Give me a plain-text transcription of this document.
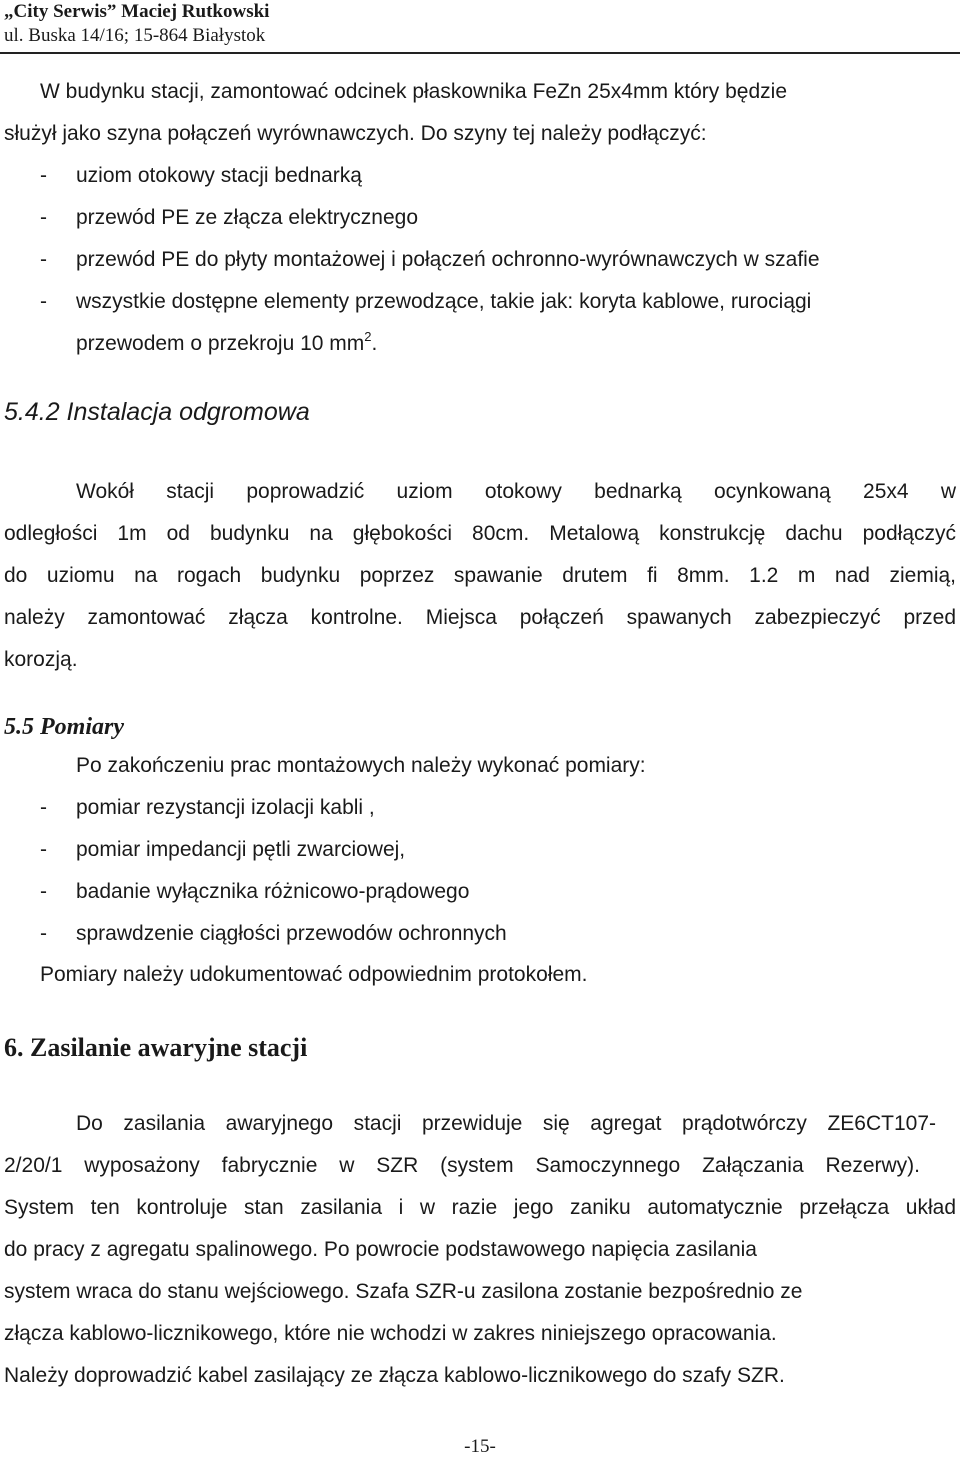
„City Serwis” Maciej Rutkowski
ul. Buska 14/16; 15-864 Białystok
W budynku stacji, zamontować odcinek płaskownika FeZn 25x4mm który będzie
służył jako szyna połączeń wyrównawczych. Do szyny tej należy podłączyć:
- uziom otokowy stacji bednarką
- przewód PE ze złącza elektrycznego
- przewód PE do płyty montażowej i połączeń ochronno-wyrównawczych w szafie
- wszystkie dostępne elementy przewodzące, takie jak: koryta kablowe, rurociągi
przewodem o przekroju 10 $mm^2$.
5.4.2 Instalacja odgromowa
Wokół stacji poprowadzić uziom otokowy bednarką ocynkowaną 25x4 w
odległości 1m od budynku na głębokości 80cm. Metalową konstrukcję dachu podłączyć
do uziomu na rogach budynku poprzez spawanie drutem fi 8mm. 1.2 m nad ziemią,
należy zamontować złącza kontrolne. Miejsca połączeń spawanych zabezpieczyć przed
korozją.
5.5 Pomiary
Po zakończeniu prac montażowych należy wykonać pomiary:
- pomiar rezystancji izolacji kabli ,
- pomiar impedancji pętli zwarciowej,
- badanie wyłącznika różnicowo-prądowego
- sprawdzenie ciągłości przewodów ochronnych
Pomiary należy udokumentować odpowiednim protokołem.
6. Zasilanie awaryjne stacji
Do zasilania awaryjnego stacji przewiduje się agregat prądotwórczy ZE6CT107-
2/20/1 wyposażony fabrycznie w SZR (system Samoczynnego Załączania Rezerwy).
System ten kontroluje stan zasilania i w razie jego zaniku automatycznie przełącza układ
do pracy z agregatu spalinowego. Po powrocie podstawowego napięcia zasilania
system wraca do stanu wejściowego. Szafa SZR-u zasilona zostanie bezpośrednio ze
złącza kablowo-licznikowego, które nie wchodzi w zakres niniejszego opracowania.
Należy doprowadzić kabel zasilający ze złącza kablowo-licznikowego do szafy SZR.
-15-
